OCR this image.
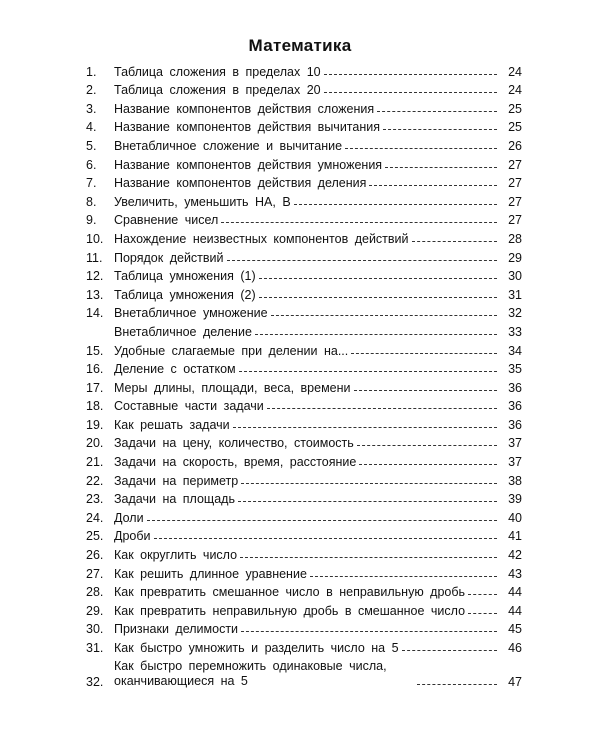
Математика
1.	Таблица сложения в пределах 10	24
2.	Таблица сложения в пределах 20	24
3.	Название компонентов действия сложения	25
4.	Название компонентов действия вычитания	25
5.	Внетабличное сложение и вычитание	26
6.	Название компонентов действия умножения	27
7.	Название компонентов действия деления	27
8.	Увеличить, уменьшить НА, В	27
9.	Сравнение чисел	27
10. Нахождение неизвестных компонентов действий	28
11. Порядок действий	29
12. Таблица умножения (1)	30
13. Таблица умножения (2)	31
14. Внетабличное умножение	32
Внетабличное деление	33
15. Удобные слагаемые при делении на...	34
16. Деление с остатком	35
17. Меры длины, площади, веса, времени	36
18. Составные части задачи	36
19. Как решать задачи	36
20. Задачи на цену, количество, стоимость	37
21. Задачи на скорость, время, расстояние	37
22. Задачи на периметр	38
23. Задачи на площадь	39
24. Доли	40
25. Дроби	41
26. Как округлить число	42
27. Как решить длинное уравнение	43
28. Как превратить смешанное число в неправильную дробь	44
29. Как превратить неправильную дробь в смешанное число	44
30. Признаки делимости	45
31. Как быстро умножить и разделить число на 5	46
32.
Как быстро перемножить одинаковые числа, оканчивающиеся на 5	47
